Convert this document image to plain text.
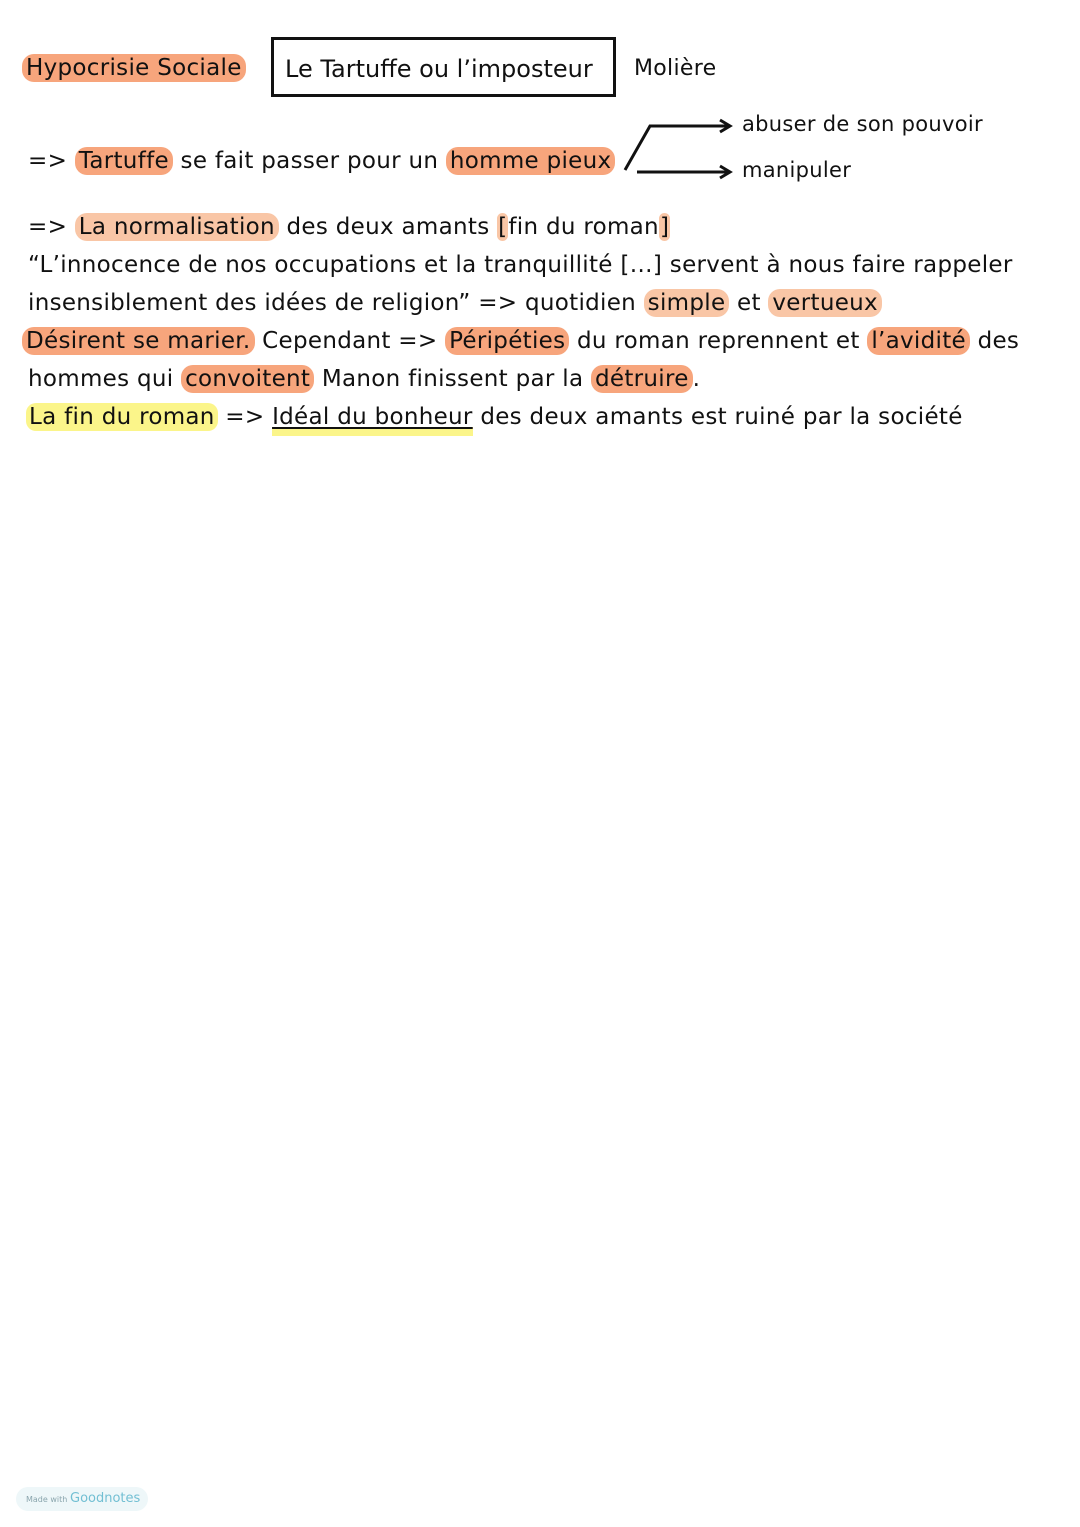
Hypocrisie Sociale Le Tartuffe ou l’imposteur Molière
=> Tartuffe se fait passer pour un homme pieux
abuser de son pouvoir
manipuler
=> La normalisation des deux amants [fin du roman]
“L’innocence de nos occupations et la tranquillité […] servent à nous faire rappeler
insensiblement des idées de religion” => quotidien simple et vertueux
Désirent se marier. Cependant => Péripéties du roman reprennent et l’avidité des
hommes qui convoitent Manon finissent par la détruire .
La fin du roman => Idéal du bonheur des deux amants est ruiné par la société
Made with Goodnotes
